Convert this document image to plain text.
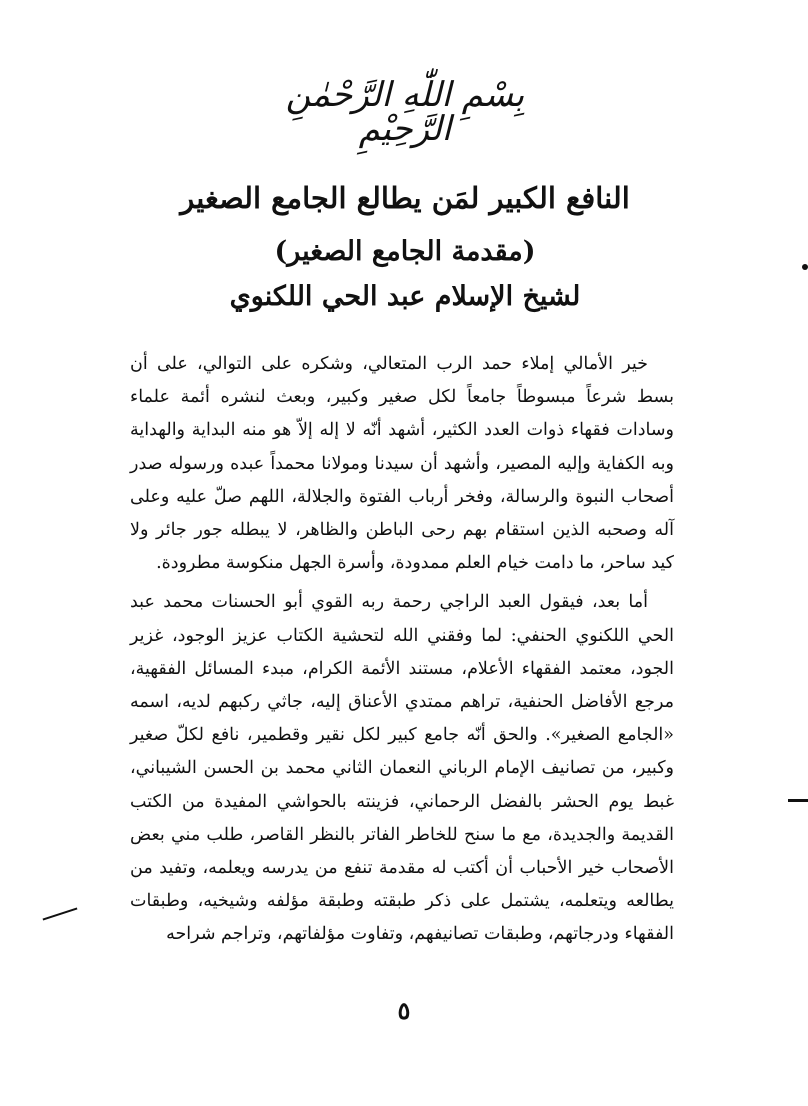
بِسْمِ اللّٰهِ الرَّحْمٰنِ الرَّحِيْمِ
النافع الكبير لمَن يطالع الجامع الصغير
(مقدمة الجامع الصغير)
لشيخ الإسلام عبد الحي اللكنوي

خير الأمالي إملاء حمد الرب المتعالي، وشكره على التوالي، على أن بسط شرعاً مبسوطاً جامعاً لكل صغير وكبير، وبعث لنشره أئمة علماء وسادات فقهاء ذوات العدد الكثير، أشهد أنّه لا إله إلاّ هو منه البداية والهداية وبه الكفاية وإليه المصير، وأشهد أن سيدنا ومولانا محمداً عبده ورسوله صدر أصحاب النبوة والرسالة، وفخر أرباب الفتوة والجلالة، اللهم صلّ عليه وعلى آله وصحبه الذين استقام بهم رحى الباطن والظاهر، لا يبطله جور جائر ولا كيد ساحر، ما دامت خيام العلم ممدودة، وأسرة الجهل منكوسة مطرودة.

أما بعد، فيقول العبد الراجي رحمة ربه القوي أبو الحسنات محمد عبد الحي اللكنوي الحنفي: لما وفقني الله لتحشية الكتاب عزيز الوجود، غزير الجود، معتمد الفقهاء الأعلام، مستند الأئمة الكرام، مبدء المسائل الفقهية، مرجع الأفاضل الحنفية، تراهم ممتدي الأعناق إليه، جاثي ركبهم لديه، اسمه «الجامع الصغير». والحق أنّه جامع كبير لكل نقير وقطمير، نافع لكلّ صغير وكبير، من تصانيف الإمام الرباني النعمان الثاني محمد بن الحسن الشيباني، غبط يوم الحشر بالفضل الرحماني، فزينته بالحواشي المفيدة من الكتب القديمة والجديدة، مع ما سنح للخاطر الفاتر بالنظر القاصر، طلب مني بعض الأصحاب خير الأحباب أن أكتب له مقدمة تنفع من يدرسه ويعلمه، وتفيد من يطالعه ويتعلمه، يشتمل على ذكر طبقته وطبقة مؤلفه وشيخيه، وطبقات الفقهاء ودرجاتهم، وطبقات تصانيفهم، وتفاوت مؤلفاتهم، وتراجم شراحه

٥
